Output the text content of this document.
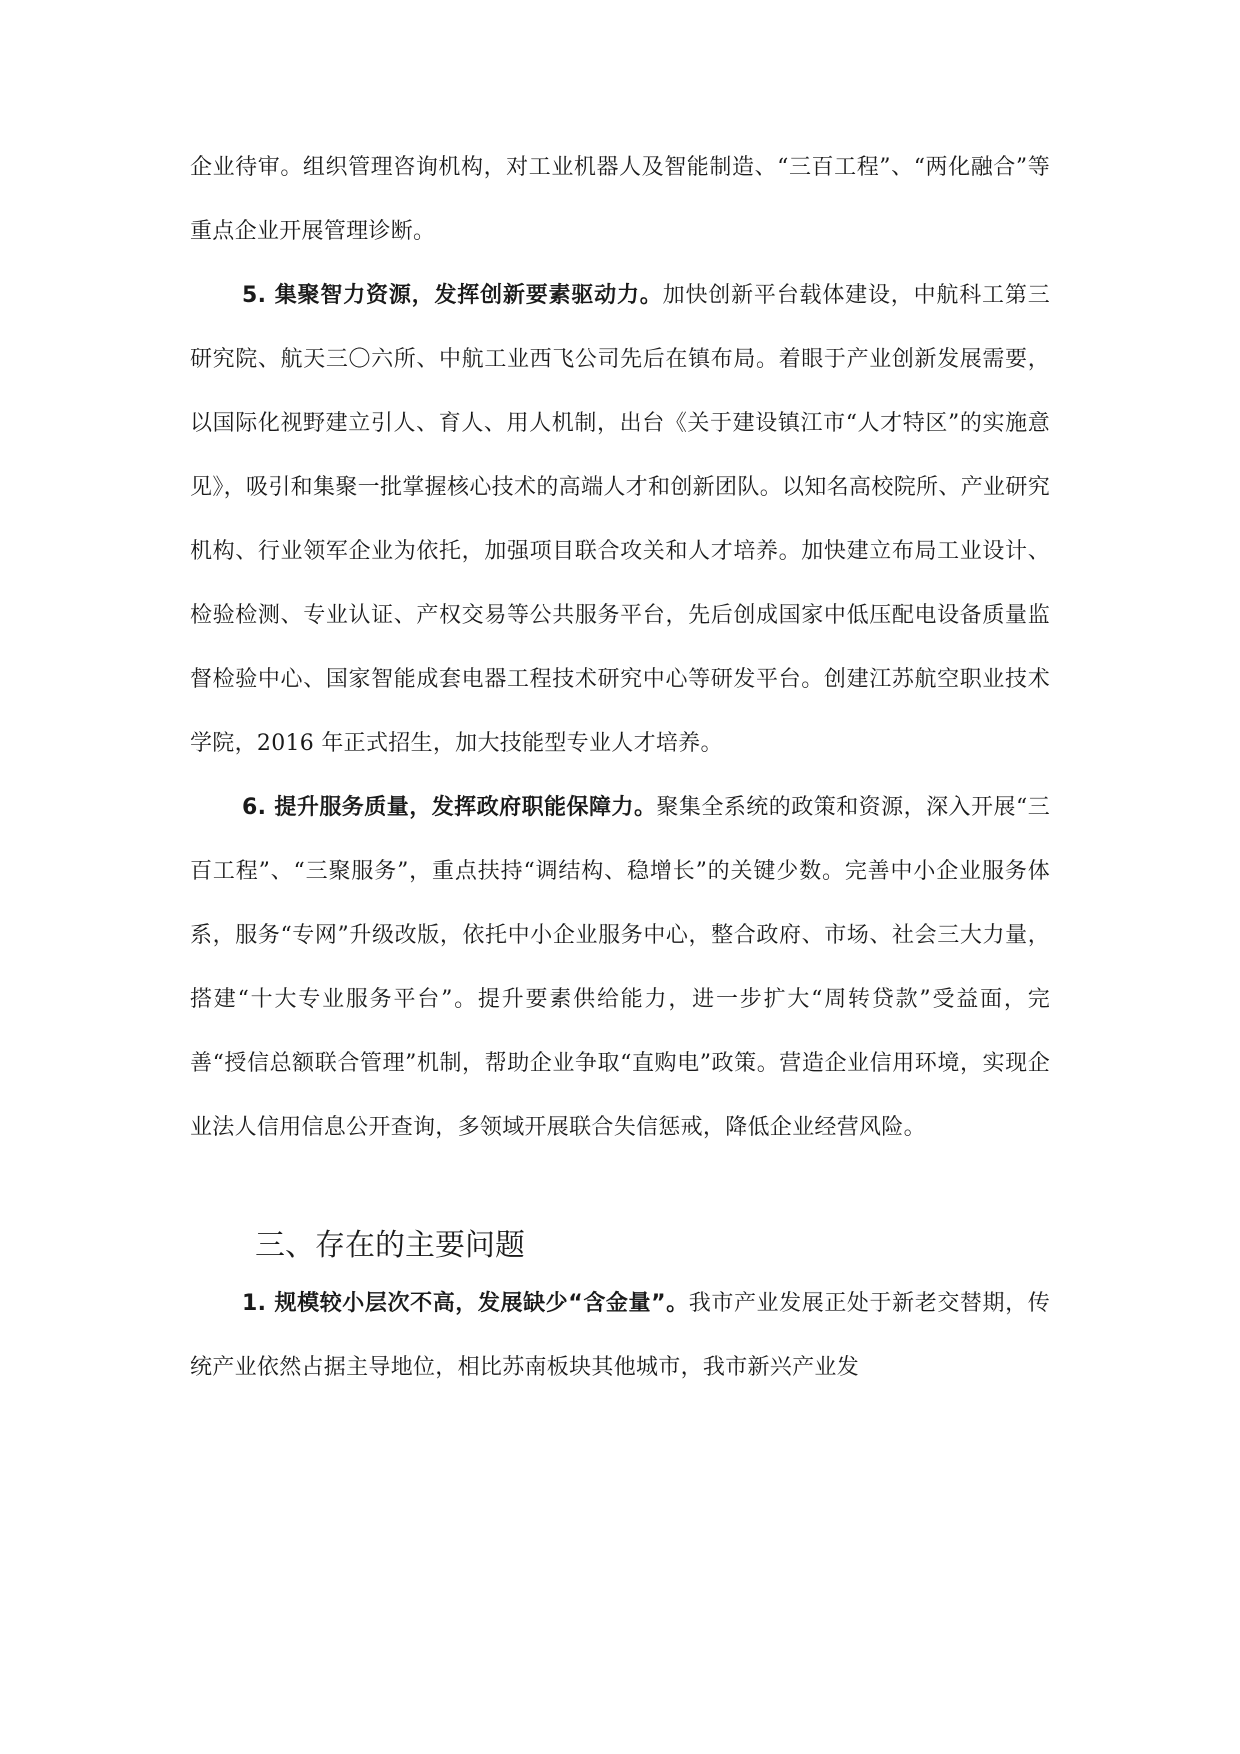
企业待审。组织管理咨询机构，对工业机器人及智能制造、“三百工程”、“两化融合”等重点企业开展管理诊断。

5. 集聚智力资源，发挥创新要素驱动力。加快创新平台载体建设，中航科工第三研究院、航天三〇六所、中航工业西飞公司先后在镇布局。着眼于产业创新发展需要，以国际化视野建立引人、育人、用人机制，出台《关于建设镇江市“人才特区”的实施意见》，吸引和集聚一批掌握核心技术的高端人才和创新团队。以知名高校院所、产业研究机构、行业领军企业为依托，加强项目联合攻关和人才培养。加快建立布局工业设计、检验检测、专业认证、产权交易等公共服务平台，先后创成国家中低压配电设备质量监督检验中心、国家智能成套电器工程技术研究中心等研发平台。创建江苏航空职业技术学院，2016 年正式招生，加大技能型专业人才培养。

6. 提升服务质量，发挥政府职能保障力。聚集全系统的政策和资源，深入开展“三百工程”、“三聚服务”，重点扶持“调结构、稳增长”的关键少数。完善中小企业服务体系，服务“专网”升级改版，依托中小企业服务中心，整合政府、市场、社会三大力量，搭建“十大专业服务平台”。提升要素供给能力，进一步扩大“周转贷款”受益面，完善“授信总额联合管理”机制，帮助企业争取“直购电”政策。营造企业信用环境，实现企业法人信用信息公开查询，多领域开展联合失信惩戒，降低企业经营风险。

三、存在的主要问题

1. 规模较小层次不高，发展缺少“含金量”。我市产业发展正处于新老交替期，传统产业依然占据主导地位，相比苏南板块其他城市，我市新兴产业发
